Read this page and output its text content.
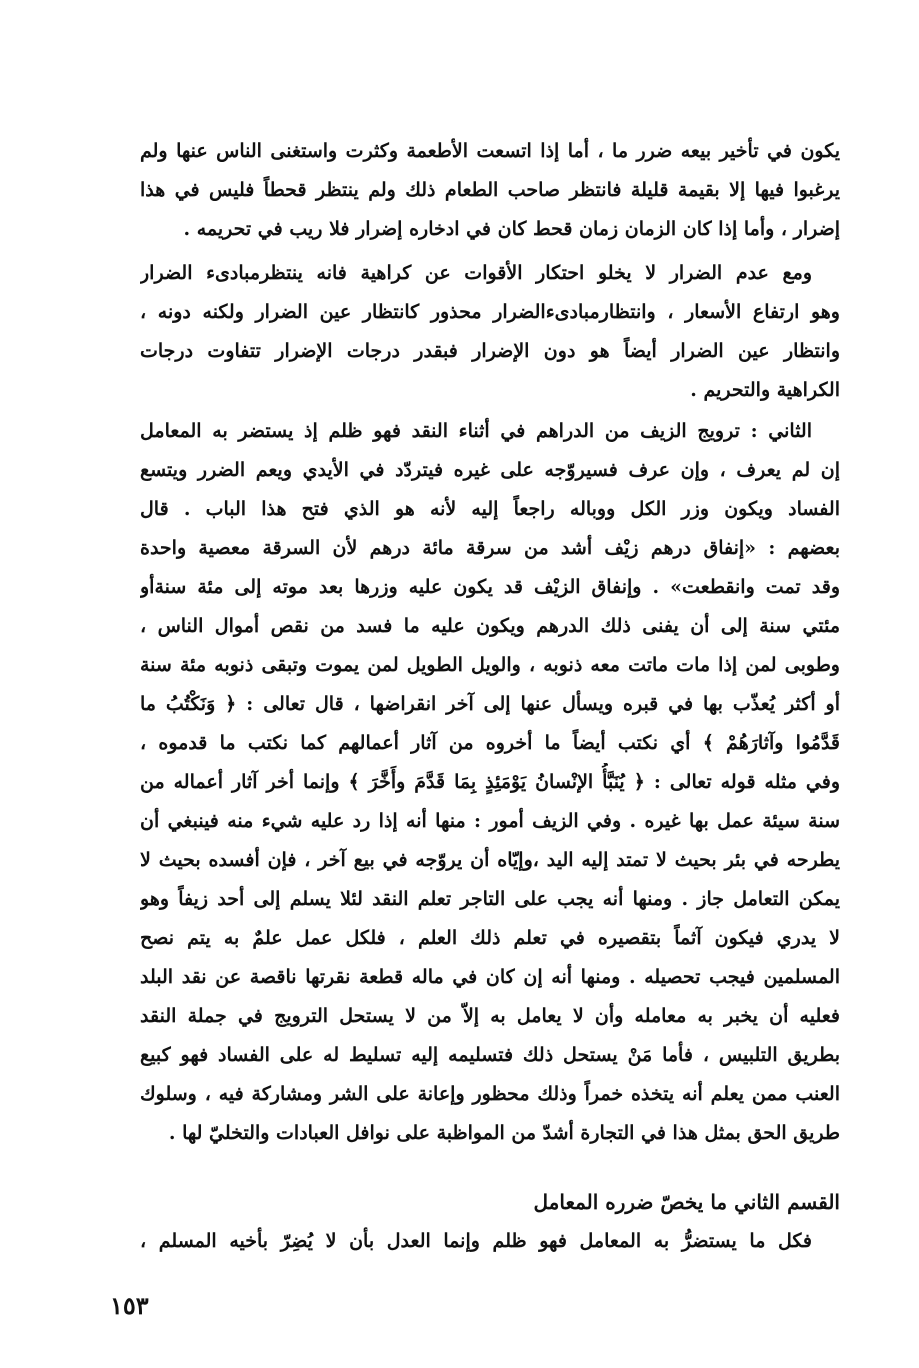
يكون في تأخير بيعه ضرر ما ، أما إذا اتسعت الأطعمة وكثرت واستغنى الناس عنها ولم
يرغبوا فيها إلا بقيمة قليلة فانتظر صاحب الطعام ذلك ولم ينتظر قحطاً فليس في هذا
إضرار ، وأما إذا كان الزمان زمان قحط كان في ادخاره إضرار فلا ريب في تحريمه .
ومع عدم الضرار لا يخلو احتكار الأقوات عن كراهية فانه ينتظرمبادىء الضرار
وهو ارتفاع الأسعار ، وانتظارمبادىءالضرار محذور كانتظار عين الضرار ولكنه دونه ،
وانتظار عين الضرار أيضاً هو دون الإضرار فبقدر درجات الإضرار تتفاوت درجات
الكراهية والتحريم .
الثاني : ترويج الزيف من الدراهم في أثناء النقد فهو ظلم إذ يستضر به المعامل
إن لم يعرف ، وإن عرف فسيروّجه على غيره فيتردّد في الأيدي ويعم الضرر ويتسع
الفساد ويكون وزر الكل ووباله راجعاً إليه لأنه هو الذي فتح هذا الباب . قال
بعضهم : «إنفاق درهم زيْف أشد من سرقة مائة درهم لأن السرقة معصية واحدة
وقد تمت وانقطعت» . وإنفاق الزيْف قد يكون عليه وزرها بعد موته إلى مئة سنةأو
مئتي سنة إلى أن يفنى ذلك الدرهم ويكون عليه ما فسد من نقص أموال الناس ،
وطوبى لمن إذا مات ماتت معه ذنوبه ، والويل الطويل لمن يموت وتبقى ذنوبه مئة سنة
أو أكثر يُعذّب بها في قبره ويسأل عنها إلى آخر انقراضها ، قال تعالى : ﴿ وَنَكْتُبُ ما
قَدَّمُوا وآثارَهُمْ ﴾ أي نكتب أيضاً ما أخروه من آثار أعمالهم كما نكتب ما قدموه ،
وفي مثله قوله تعالى : ﴿ يُنَبَّأُ الإنْسانُ يَوْمَئِذٍ بِمَا قَدَّمَ وأَخَّرَ ﴾ وإنما أخر آثار أعماله من
سنة سيئة عمل بها غيره . وفي الزيف أمور : منها أنه إذا رد عليه شيء منه فينبغي أن
يطرحه في بئر بحيث لا تمتد إليه اليد ،وإيّاه أن يروّجه في بيع آخر ، فإن أفسده بحيث لا
يمكن التعامل جاز . ومنها أنه يجب على التاجر تعلم النقد لئلا يسلم إلى أحد زيفاً وهو
لا يدري فيكون آثماً بتقصيره في تعلم ذلك العلم ، فلكل عمل علمٌ به يتم نصح
المسلمين فيجب تحصيله . ومنها أنه إن كان في ماله قطعة نقرتها ناقصة عن نقد البلد
فعليه أن يخبر به معامله وأن لا يعامل به إلاّ من لا يستحل الترويج في جملة النقد
بطريق التلبيس ، فأما مَنْ يستحل ذلك فتسليمه إليه تسليط له على الفساد فهو كبيع
العنب ممن يعلم أنه يتخذه خمراً وذلك محظور وإعانة على الشر ومشاركة فيه ، وسلوك
طريق الحق بمثل هذا في التجارة أشدّ من المواظبة على نوافل العبادات والتخليّ لها .
القسم الثاني ما يخصّ ضرره المعامل
فكل ما يستضرُّ به المعامل فهو ظلم وإنما العدل بأن لا يُضِرّ بأخيه المسلم ،
١٥٣
